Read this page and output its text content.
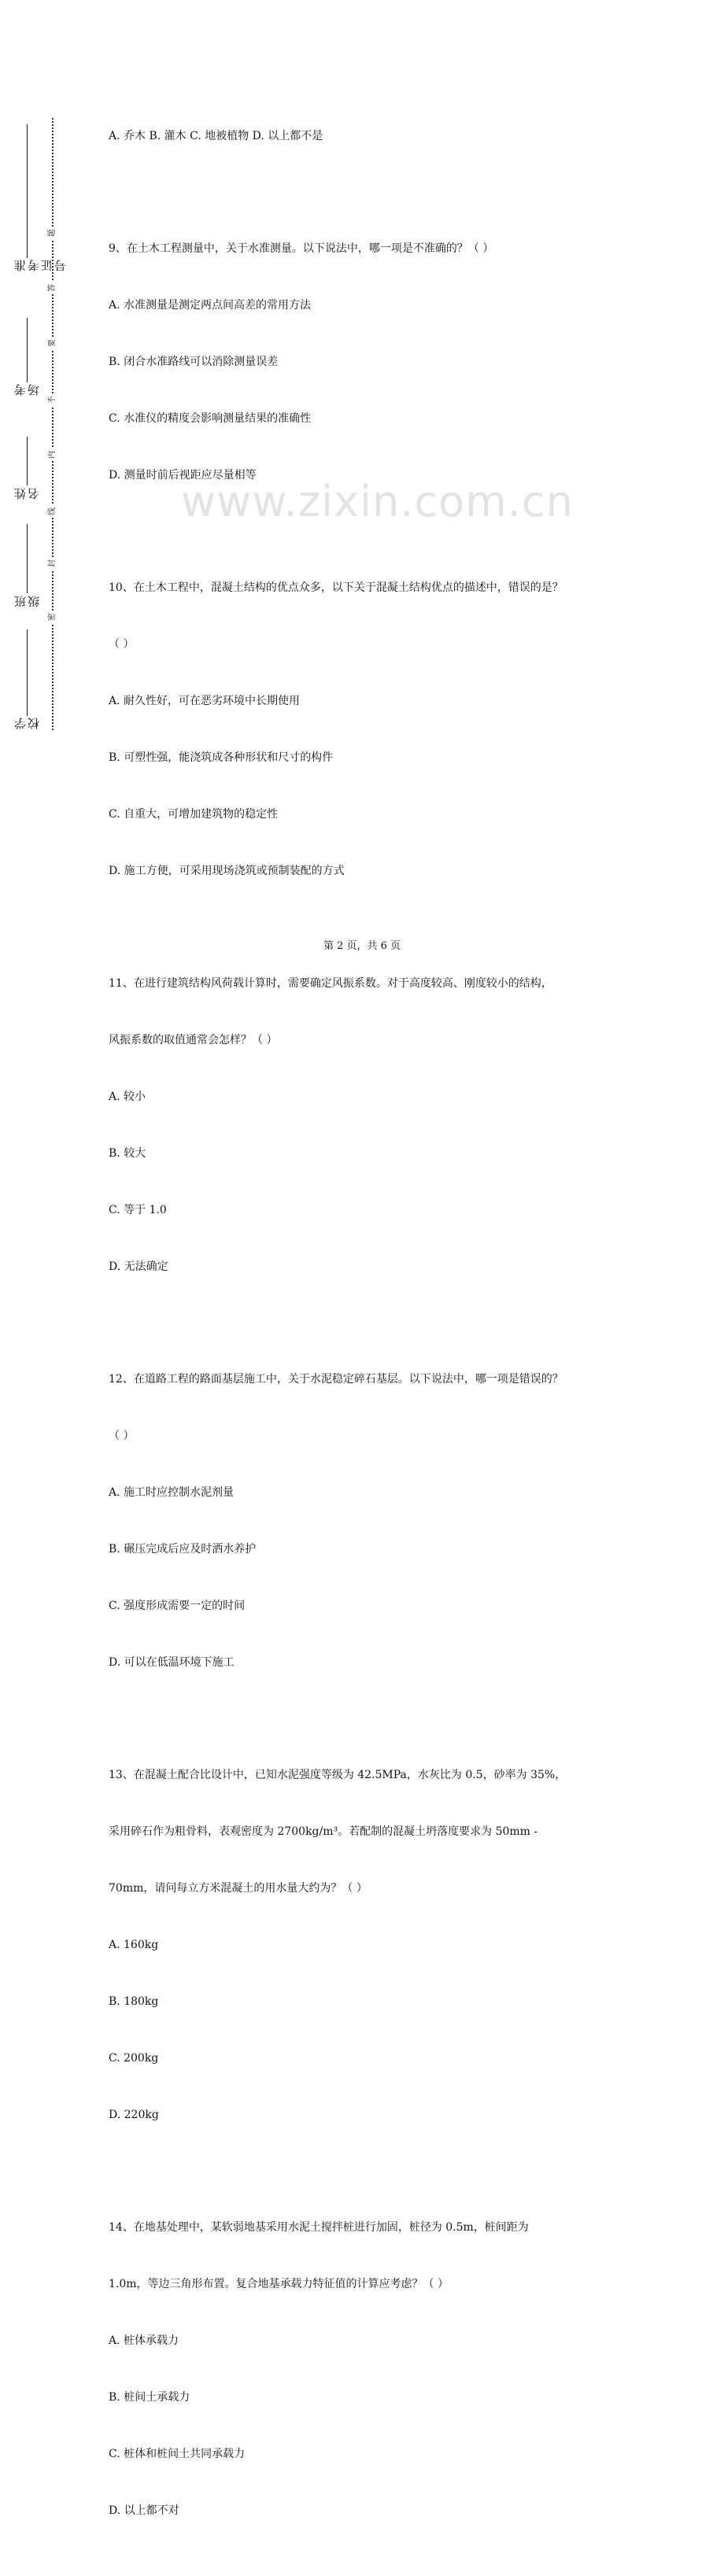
准考证号
考场
姓名
班级
学校
题
答
要
不
内
线
封
密
www.zixin.com.cn

A. 乔木 B. 灌木 C. 地被植物 D. 以上都不是

9、在土木工程测量中，关于水准测量。以下说法中，哪一项是不准确的？（ ）

A. 水准测量是测定两点间高差的常用方法

B. 闭合水准路线可以消除测量误差

C. 水准仪的精度会影响测量结果的准确性

D. 测量时前后视距应尽量相等

10、在土木工程中，混凝土结构的优点众多，以下关于混凝土结构优点的描述中，错误的是？

（ ）

A. 耐久性好，可在恶劣环境中长期使用

B. 可塑性强，能浇筑成各种形状和尺寸的构件

C. 自重大，可增加建筑物的稳定性

D. 施工方便，可采用现场浇筑或预制装配的方式

11、在进行建筑结构风荷载计算时，需要确定风振系数。对于高度较高、刚度较小的结构，

风振系数的取值通常会怎样？（ ）

A. 较小

B. 较大

C. 等于 1.0

D. 无法确定

12、在道路工程的路面基层施工中，关于水泥稳定碎石基层。以下说法中，哪一项是错误的？

（ ）

A. 施工时应控制水泥剂量

B. 碾压完成后应及时洒水养护

C. 强度形成需要一定的时间

D. 可以在低温环境下施工

13、在混凝土配合比设计中，已知水泥强度等级为 42.5MPa，水灰比为 0.5，砂率为 35%，

采用碎石作为粗骨料，表观密度为 2700kg/m³。若配制的混凝土坍落度要求为 50mm -

70mm，请问每立方米混凝土的用水量大约为？（ ）

A. 160kg

B. 180kg

C. 200kg

D. 220kg

14、在地基处理中，某软弱地基采用水泥土搅拌桩进行加固，桩径为 0.5m，桩间距为

1.0m，等边三角形布置。复合地基承载力特征值的计算应考虑？（ ）

A. 桩体承载力

B. 桩间土承载力

C. 桩体和桩间土共同承载力

D. 以上都不对

第 2 页，共 6 页
